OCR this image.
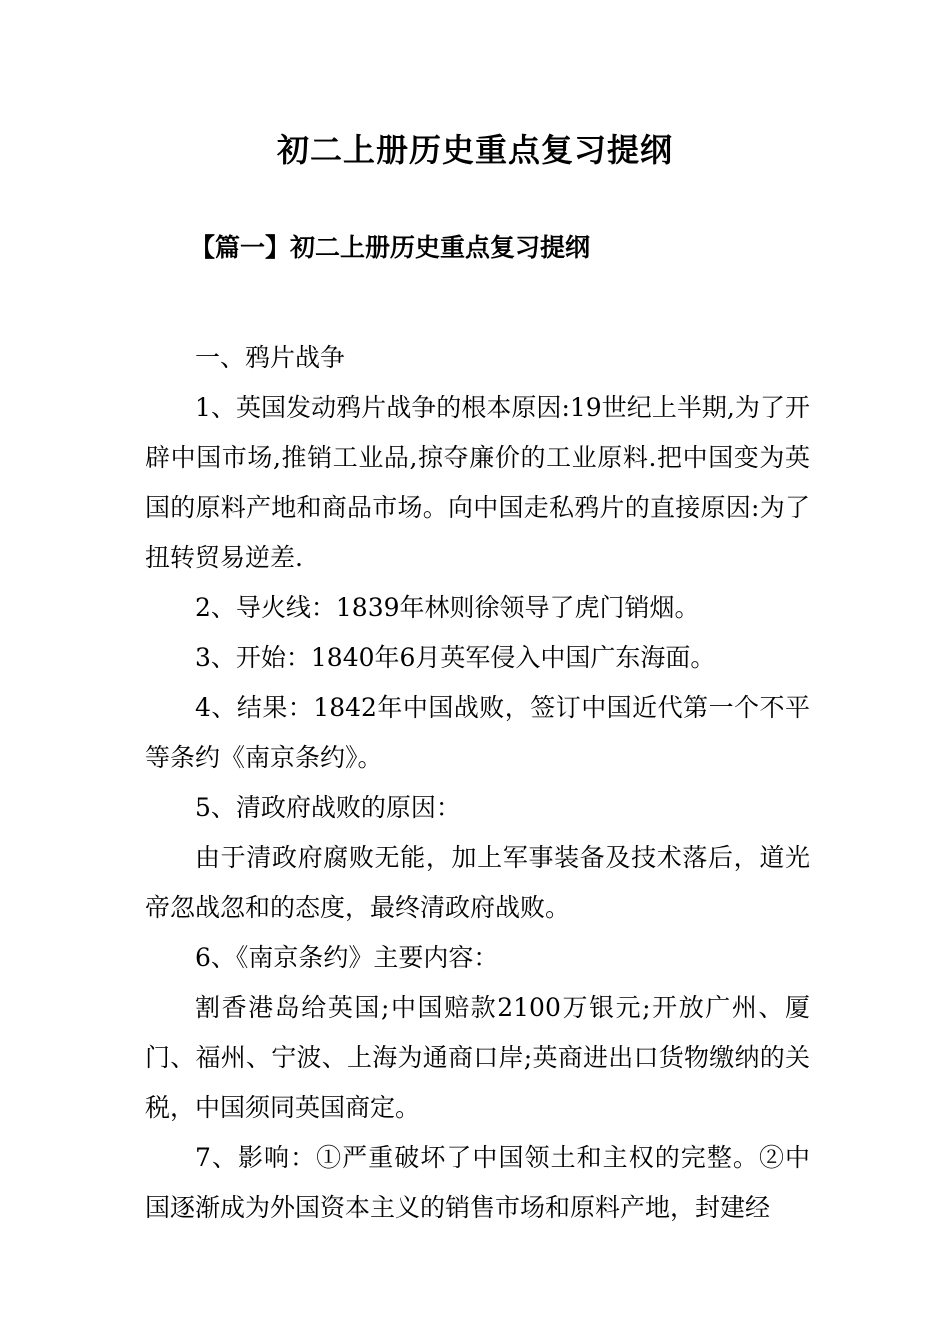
初二上册历史重点复习提纲
【篇一】初二上册历史重点复习提纲

一、鸦片战争

1、英国发动鸦片战争的根本原因:19世纪上半期,为了开辟中国市场,推销工业品,掠夺廉价的工业原料.把中国变为英国的原料产地和商品市场。向中国走私鸦片的直接原因:为了扭转贸易逆差.

2、导火线：1839年林则徐领导了虎门销烟。

3、开始：1840年6月英军侵入中国广东海面。

4、结果：1842年中国战败，签订中国近代第一个不平等条约《南京条约》。

5、清政府战败的原因：

由于清政府腐败无能，加上军事装备及技术落后，道光帝忽战忽和的态度，最终清政府战败。

6、《南京条约》主要内容：

割香港岛给英国;中国赔款2100万银元;开放广州、厦门、福州、宁波、上海为通商口岸;英商进出口货物缴纳的关税，中国须同英国商定。

7、影响：①严重破坏了中国领土和主权的完整。②中国逐渐成为外国资本主义的销售市场和原料产地，封建经
